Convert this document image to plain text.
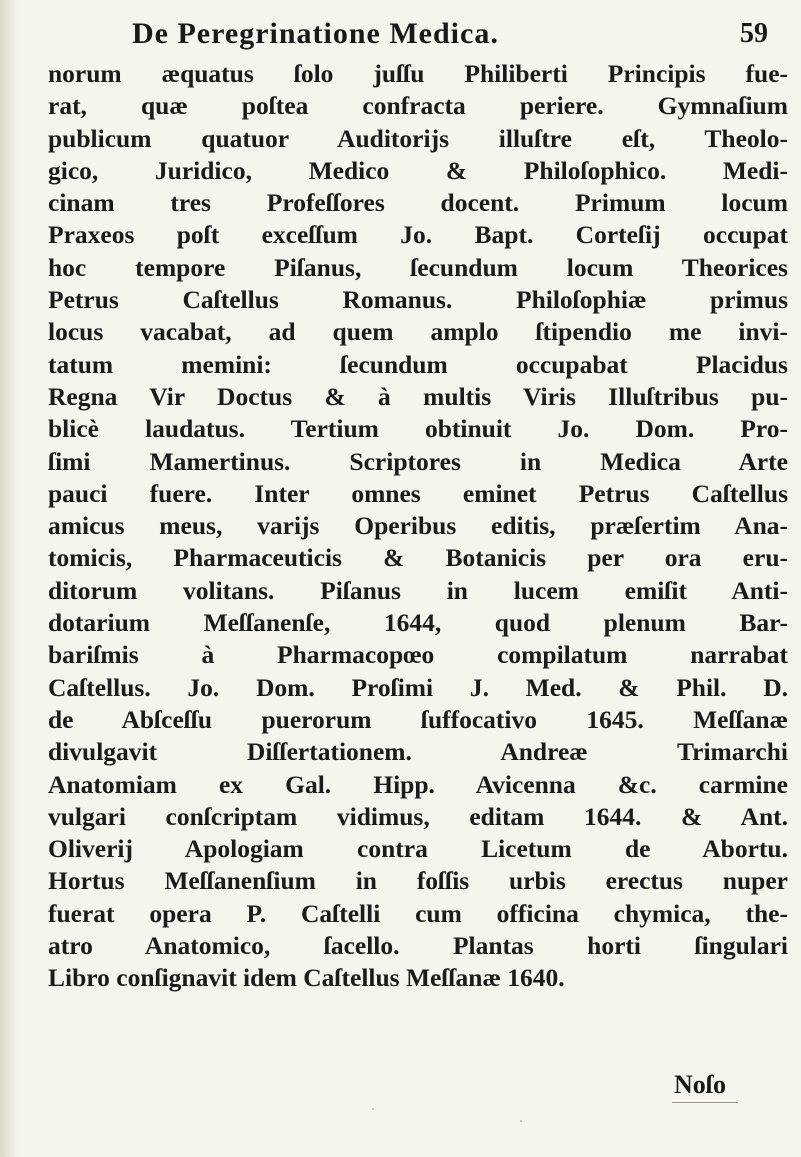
De Peregrinatione Medica.	59

norum æquatus ſolo juſſu Philiberti Principis fue-
rat, quæ poſtea confracta periere. Gymnaſium
publicum quatuor Auditorijs illuſtre eſt, Theolo-
gico, Juridico, Medico & Philoſophico. Medi-
cinam tres Profeſſores docent. Primum locum
Praxeos poſt exceſſum Jo. Bapt. Corteſij occupat
hoc tempore Piſanus, ſecundum locum Theorices
Petrus Caſtellus Romanus. Philoſophiæ primus
locus vacabat, ad quem amplo ſtipendio me invi-
tatum memini: ſecundum occupabat Placidus
Regna Vir Doctus & à multis Viris Illuſtribus pu-
blicè laudatus. Tertium obtinuit Jo. Dom. Pro-
ſimi Mamertinus. Scriptores in Medica Arte
pauci fuere. Inter omnes eminet Petrus Caſtellus
amicus meus, varijs Operibus editis, præſertim Ana-
tomicis, Pharmaceuticis & Botanicis per ora eru-
ditorum volitans. Piſanus in lucem emiſit Anti-
dotarium Meſſanenſe, 1644, quod plenum Bar-
bariſmis à Pharmacopœo compilatum narrabat
Caſtellus. Jo. Dom. Proſimi J. Med. & Phil. D.
de Abſceſſu puerorum ſuffocativo 1645. Meſſanæ
divulgavit Diſſertationem. Andreæ Trimarchi
Anatomiam ex Gal. Hipp. Avicenna &c. carmine
vulgari conſcriptam vidimus, editam 1644. & Ant.
Oliverij Apologiam contra Licetum de Abortu.
Hortus Meſſanenſium in foſſis urbis erectus nuper
fuerat opera P. Caſtelli cum officina chymica, the-
atro Anatomico, ſacello. Plantas horti ſingulari
Libro conſignavit idem Caſtellus Meſſanæ 1640.

Noſo
